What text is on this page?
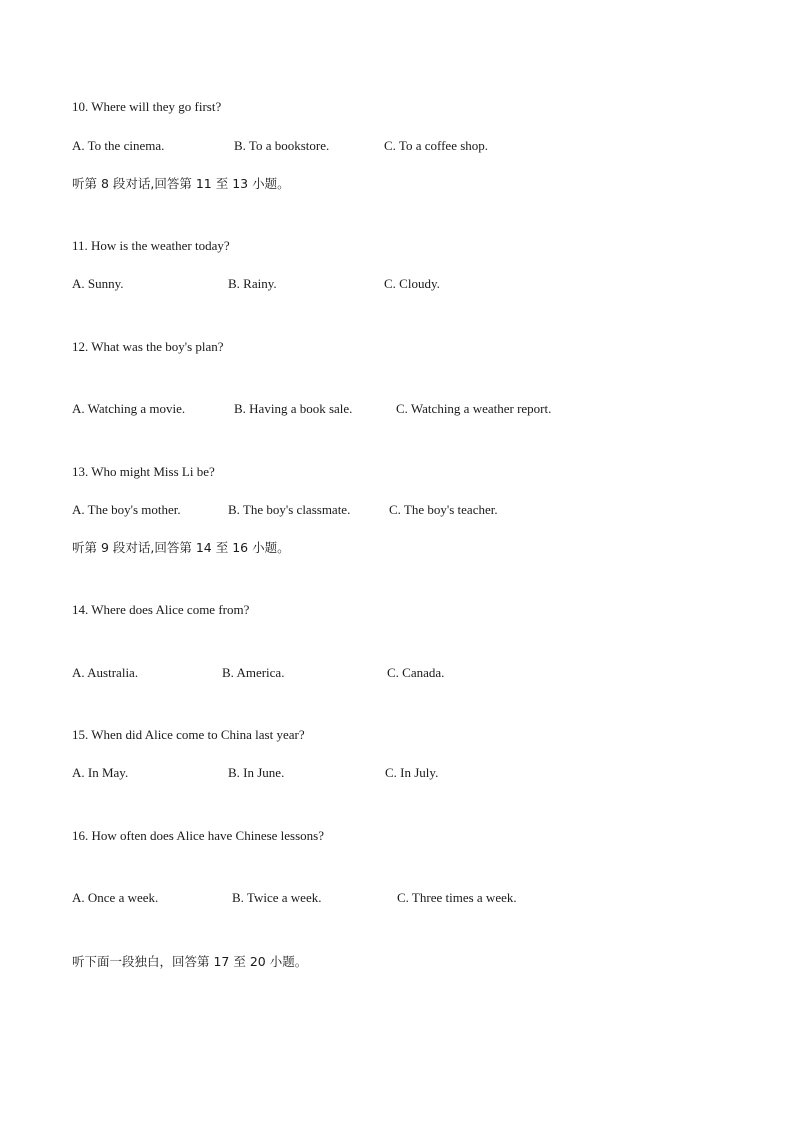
10. Where will they go first?
A. To the cinema.	B. To a bookstore.	C. To a coffee shop.
听第 8 段对话,回答第 11 至 13 小题。
11. How is the weather today?
A. Sunny.	B. Rainy.	C. Cloudy.
12. What was the boy's plan?
A. Watching a movie.	B. Having a book sale.	C. Watching a weather report.
13. Who might Miss Li be?
A. The boy's mother.	B. The boy's classmate.	C. The boy's teacher.
听第 9 段对话,回答第 14 至 16 小题。
14. Where does Alice come from?
A. Australia.	B. America.	C. Canada.
15. When did Alice come to China last year?
A. In May.	B. In June.	C. In July.
16. How often does Alice have Chinese lessons?
A. Once a week.	B. Twice a week.	C. Three times a week.
听下面一段独白，回答第 17 至 20 小题。
